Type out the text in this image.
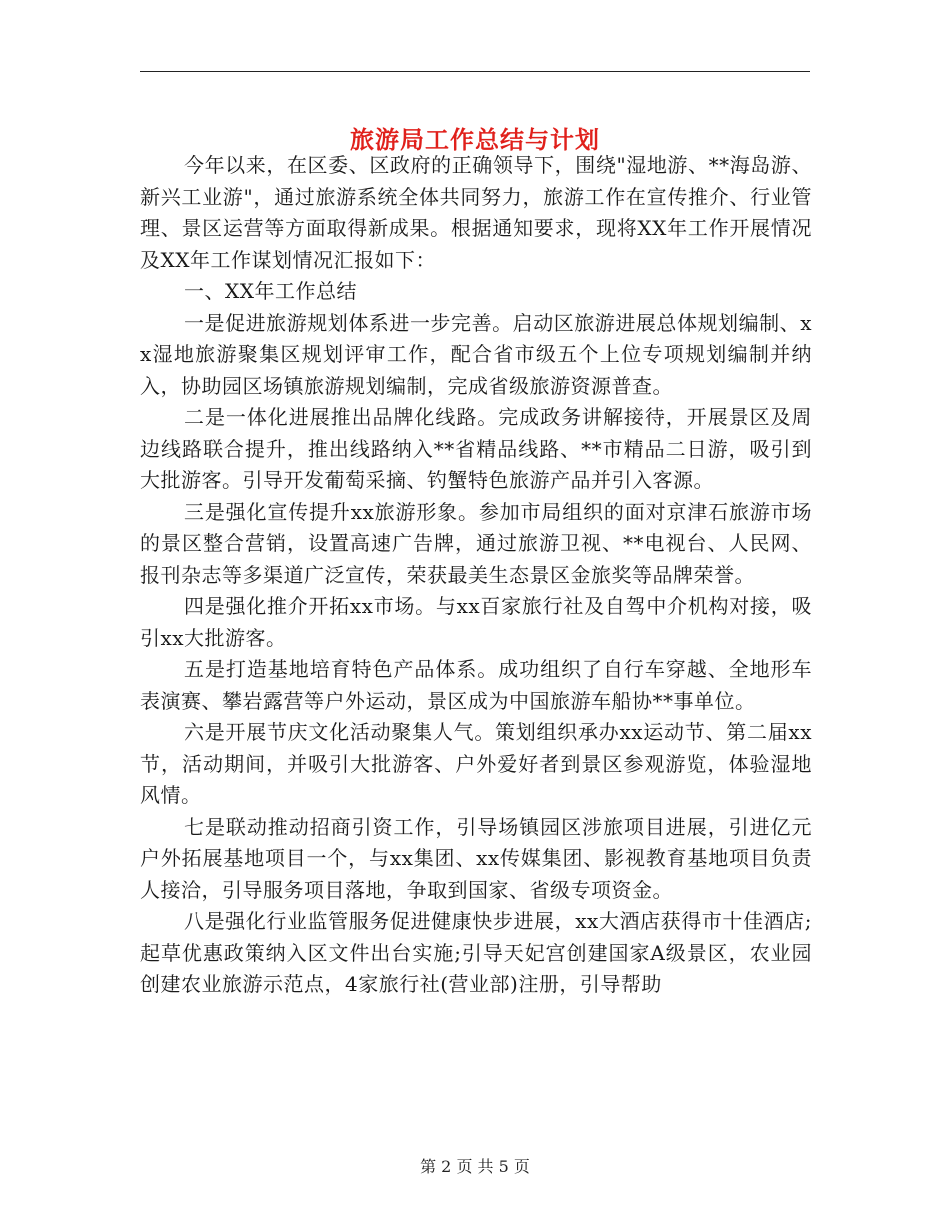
旅游局工作总结与计划

今年以来，在区委、区政府的正确领导下，围绕"湿地游、**海岛游、新兴工业游"，通过旅游系统全体共同努力，旅游工作在宣传推介、行业管理、景区运营等方面取得新成果。根据通知要求，现将XX年工作开展情况及XX年工作谋划情况汇报如下：

一、XX年工作总结

一是促进旅游规划体系进一步完善。启动区旅游进展总体规划编制、xx湿地旅游聚集区规划评审工作，配合省市级五个上位专项规划编制并纳入，协助园区场镇旅游规划编制，完成省级旅游资源普查。

二是一体化进展推出品牌化线路。完成政务讲解接待，开展景区及周边线路联合提升，推出线路纳入**省精品线路、**市精品二日游，吸引到大批游客。引导开发葡萄采摘、钓蟹特色旅游产品并引入客源。

三是强化宣传提升xx旅游形象。参加市局组织的面对京津石旅游市场的景区整合营销，设置高速广告牌，通过旅游卫视、**电视台、人民网、报刊杂志等多渠道广泛宣传，荣获最美生态景区金旅奖等品牌荣誉。

四是强化推介开拓xx市场。与xx百家旅行社及自驾中介机构对接，吸引xx大批游客。

五是打造基地培育特色产品体系。成功组织了自行车穿越、全地形车表演赛、攀岩露营等户外运动，景区成为中国旅游车船协**事单位。

六是开展节庆文化活动聚集人气。策划组织承办xx运动节、第二届xx节，活动期间，并吸引大批游客、户外爱好者到景区参观游览，体验湿地风情。

七是联动推动招商引资工作，引导场镇园区涉旅项目进展，引进亿元户外拓展基地项目一个，与xx集团、xx传媒集团、影视教育基地项目负责人接洽，引导服务项目落地，争取到国家、省级专项资金。

八是强化行业监管服务促进健康快步进展，xx大酒店获得市十佳酒店;起草优惠政策纳入区文件出台实施;引导天妃宫创建国家A级景区，农业园创建农业旅游示范点，4家旅行社(营业部)注册，引导帮助

第 2 页 共 5 页
